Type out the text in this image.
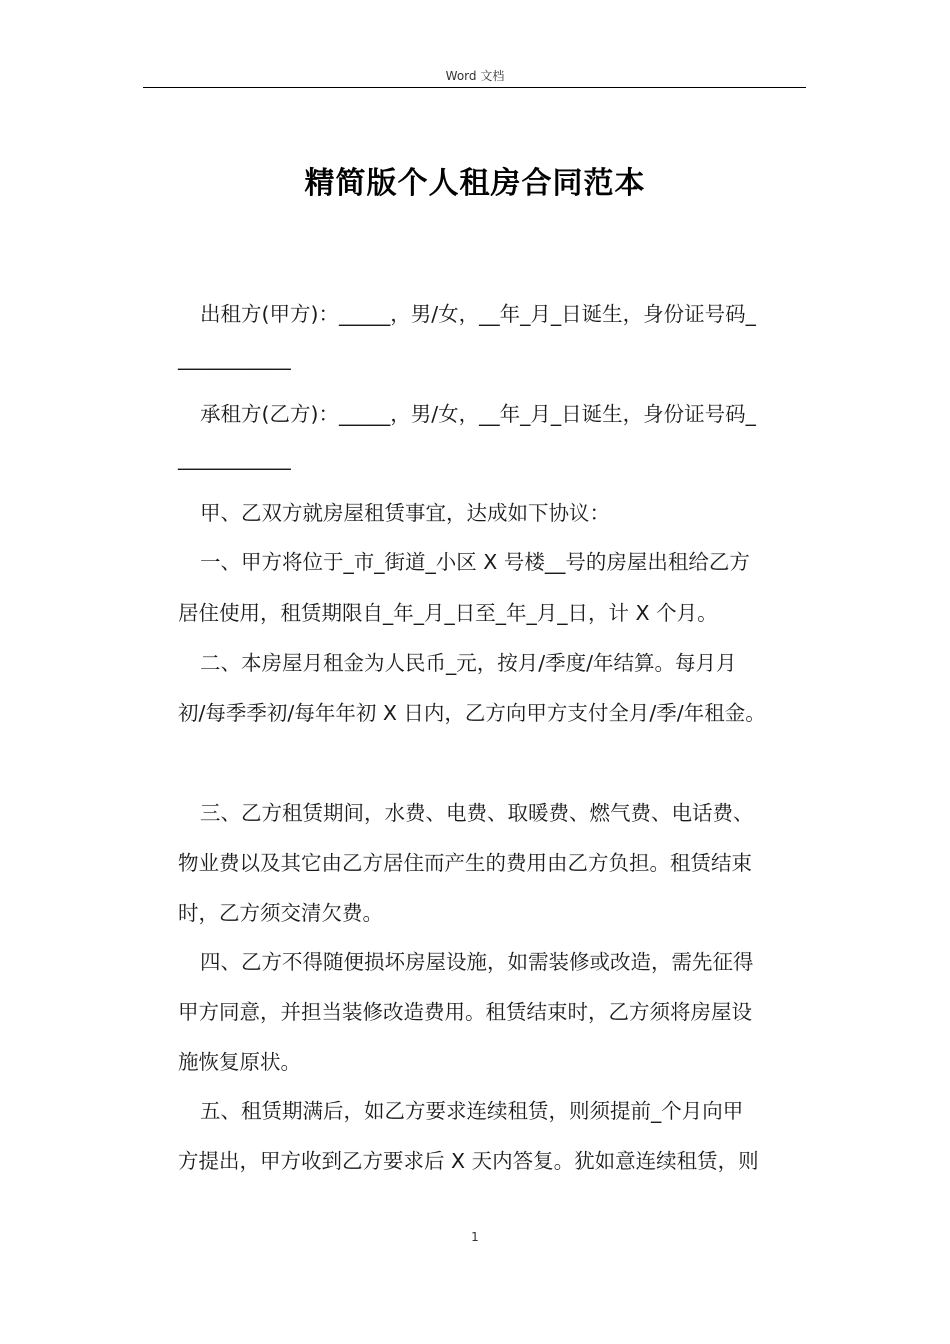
Word 文档
精简版个人租房合同范本
出租方(甲方)：_____，男/女，__年_月_日诞生，身份证号码_
___________
承租方(乙方)：_____，男/女，__年_月_日诞生，身份证号码_
___________
甲、乙双方就房屋租赁事宜，达成如下协议：
一、甲方将位于_市_街道_小区 X 号楼__号的房屋出租给乙方
居住使用，租赁期限自_年_月_日至_年_月_日，计 X 个月。
二、本房屋月租金为人民币_元，按月/季度/年结算。每月月
初/每季季初/每年年初 X 日内，乙方向甲方支付全月/季/年租金。
三、乙方租赁期间，水费、电费、取暖费、燃气费、电话费、
物业费以及其它由乙方居住而产生的费用由乙方负担。租赁结束
时，乙方须交清欠费。
四、乙方不得随便损坏房屋设施，如需装修或改造，需先征得
甲方同意，并担当装修改造费用。租赁结束时，乙方须将房屋设
施恢复原状。
五、租赁期满后，如乙方要求连续租赁，则须提前_个月向甲
方提出，甲方收到乙方要求后 X 天内答复。犹如意连续租赁，则
1
